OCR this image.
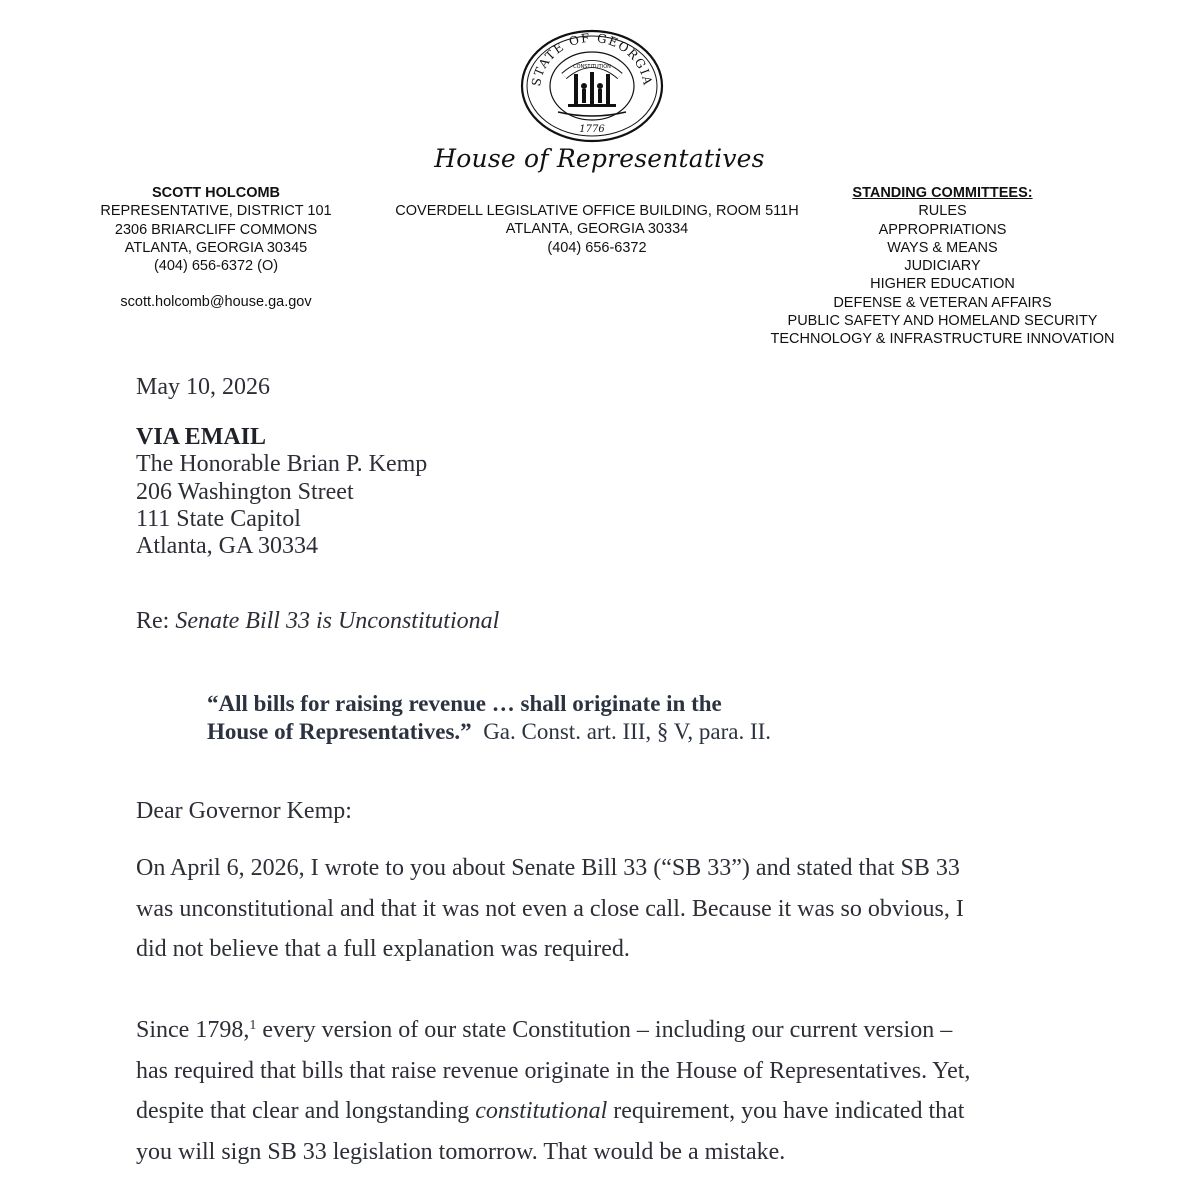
STATE OF GEORGIA
CONSTITUTION
1776
House of Representatives
SCOTT HOLCOMB
REPRESENTATIVE, DISTRICT 101
2306 BRIARCLIFF COMMONS
ATLANTA, GEORGIA 30345
(404) 656-6372 (O)
scott.holcomb@house.ga.gov
COVERDELL LEGISLATIVE OFFICE BUILDING, ROOM 511H
ATLANTA, GEORGIA 30334
(404) 656-6372
STANDING COMMITTEES:
RULES
APPROPRIATIONS
WAYS & MEANS
JUDICIARY
HIGHER EDUCATION
DEFENSE & VETERAN AFFAIRS
PUBLIC SAFETY AND HOMELAND SECURITY
TECHNOLOGY & INFRASTRUCTURE INNOVATION
May 10, 2026
VIA EMAIL
The Honorable Brian P. Kemp
206 Washington Street
111 State Capitol
Atlanta, GA 30334
Re: Senate Bill 33 is Unconstitutional
“All bills for raising revenue … shall originate in the
House of Representatives.” Ga. Const. art. III, § V, para. II.
Dear Governor Kemp:
On April 6, 2026, I wrote to you about Senate Bill 33 (“SB 33”) and stated that SB 33
was unconstitutional and that it was not even a close call. Because it was so obvious, I
did not believe that a full explanation was required.
Since 1798,$^1$ every version of our state Constitution – including our current version –
has required that bills that raise revenue originate in the House of Representatives. Yet,
despite that clear and longstanding constitutional requirement, you have indicated that
you will sign SB 33 legislation tomorrow. That would be a mistake.
